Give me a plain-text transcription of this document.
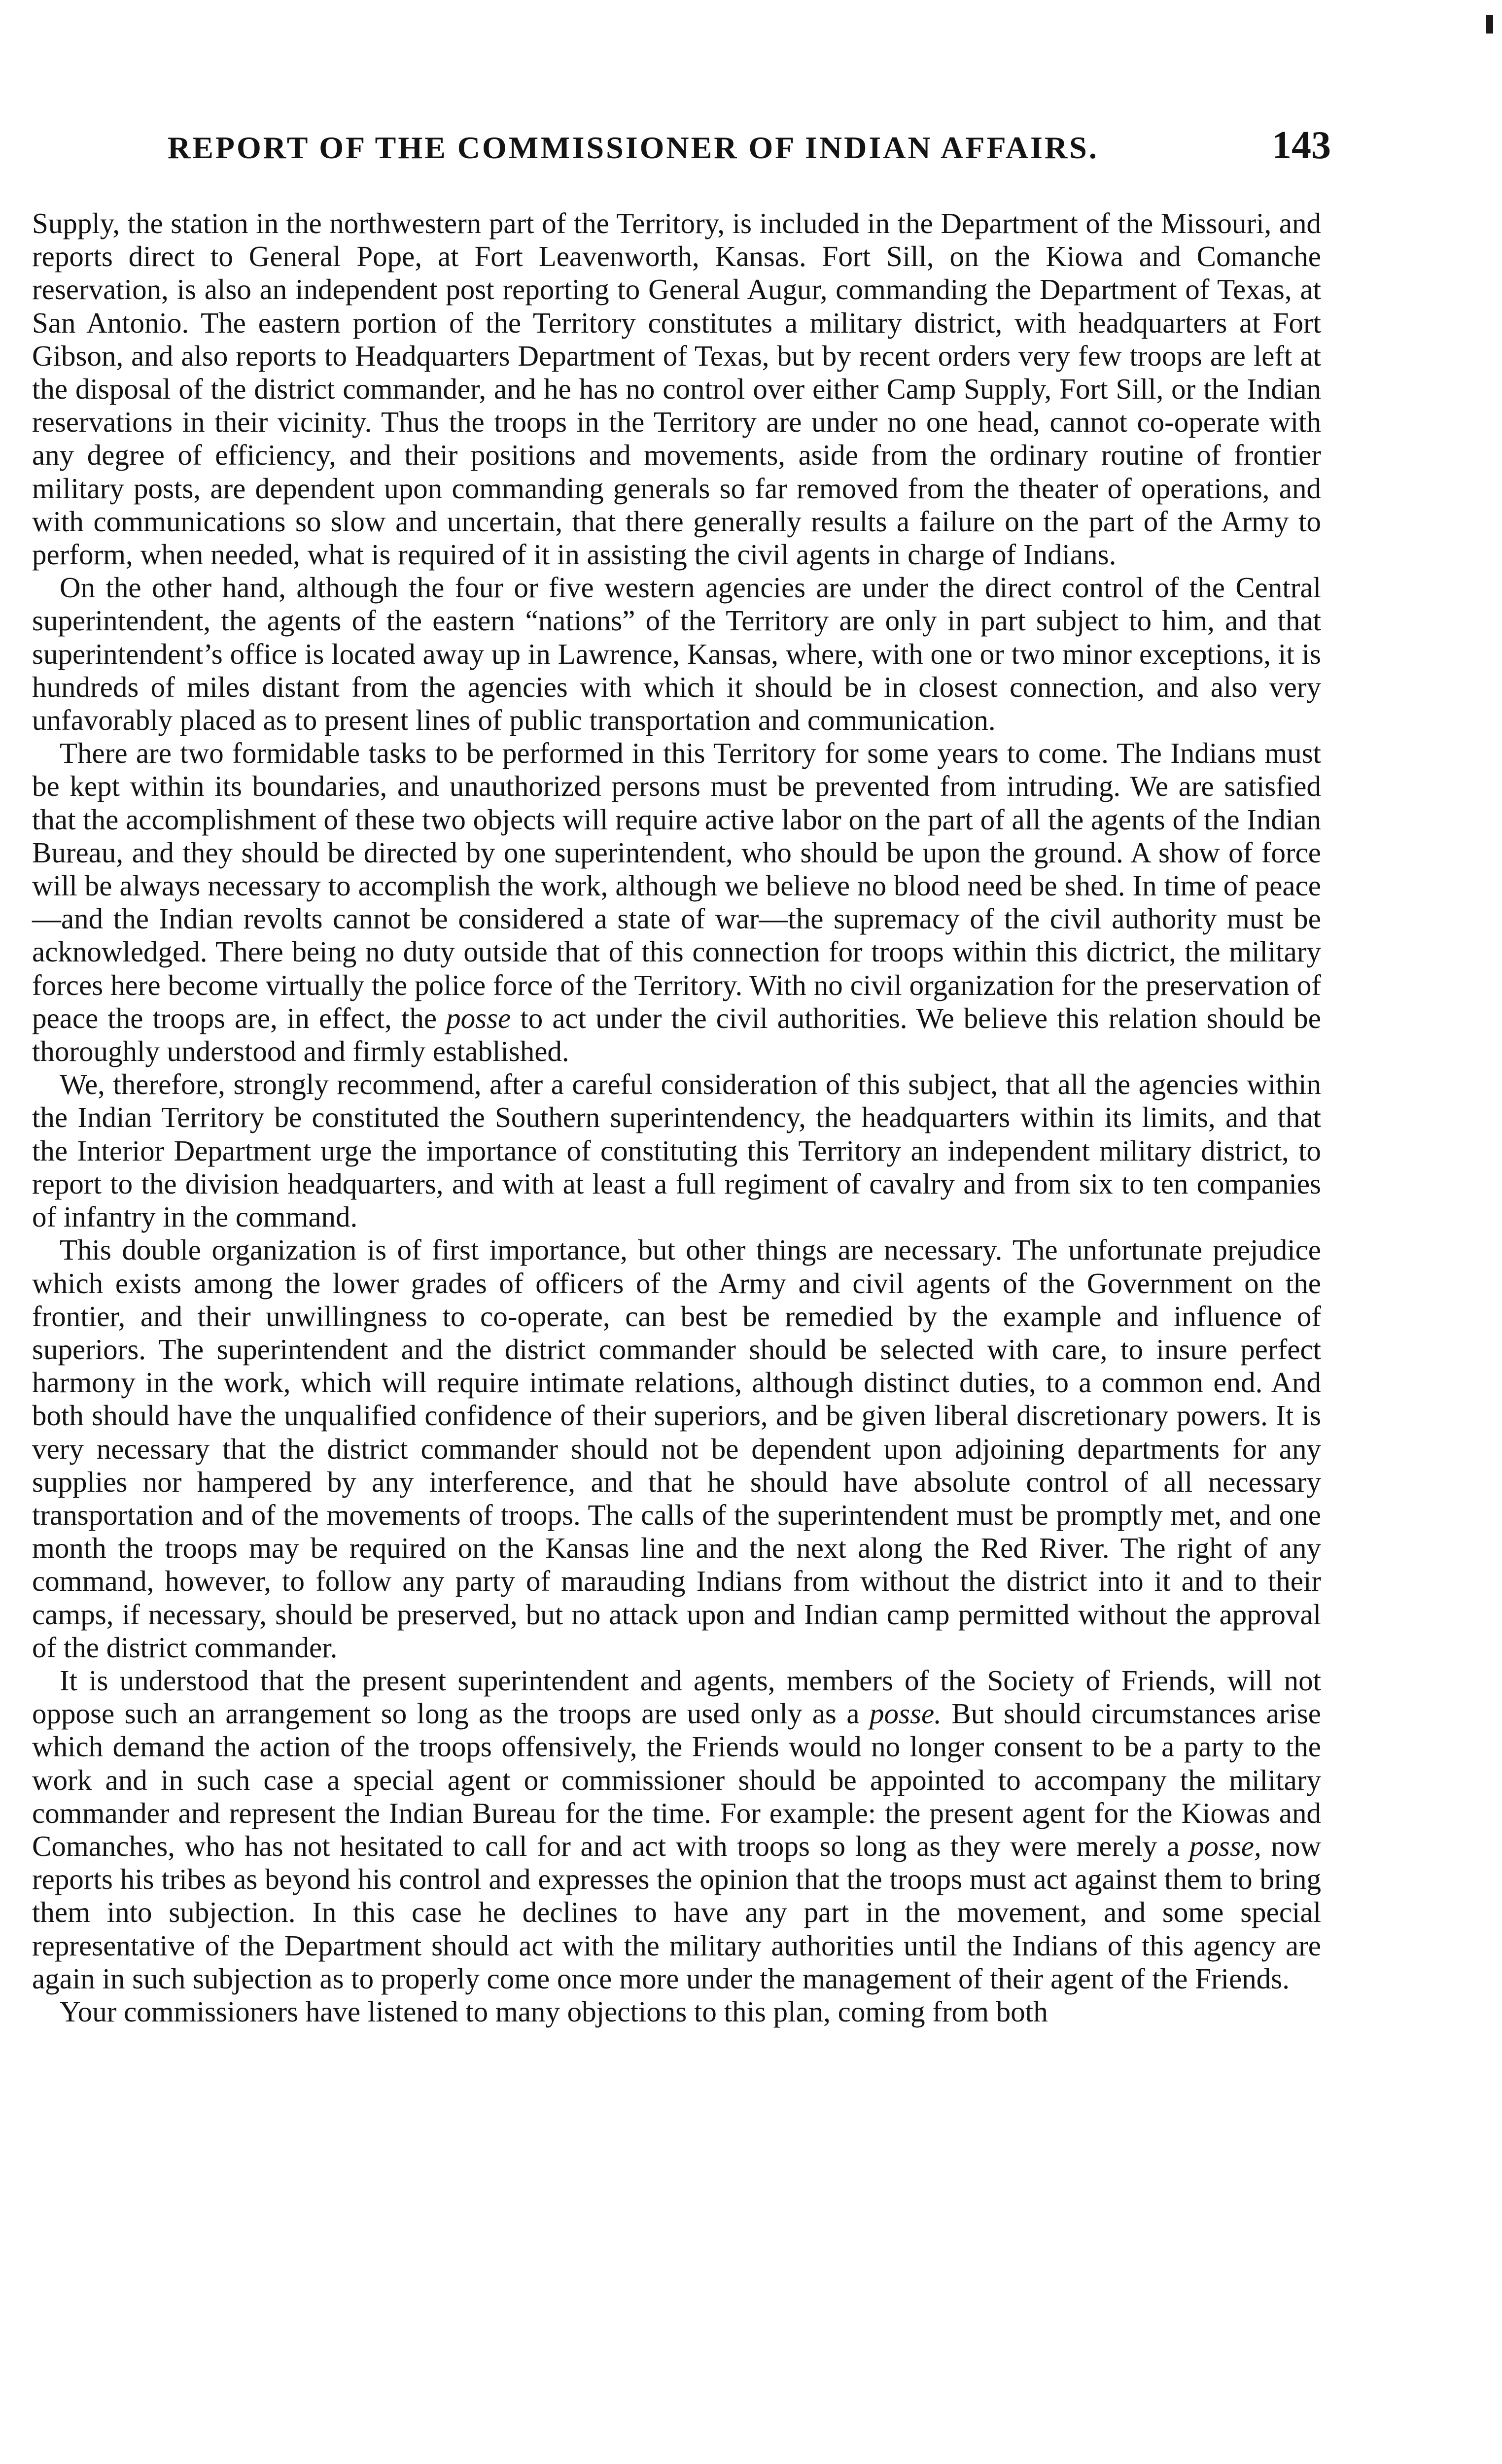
REPORT OF THE COMMISSIONER OF INDIAN AFFAIRS.	143

Supply, the station in the northwestern part of the Territory, is included in the Department of the Missouri, and reports direct to General Pope, at Fort Leavenworth, Kansas. Fort Sill, on the Kiowa and Comanche reservation, is also an independent post reporting to General Augur, commanding the Department of Texas, at San Antonio. The eastern portion of the Territory constitutes a military district, with headquarters at Fort Gibson, and also reports to Headquarters Department of Texas, but by recent orders very few troops are left at the disposal of the district commander, and he has no control over either Camp Supply, Fort Sill, or the Indian reservations in their vicinity. Thus the troops in the Territory are under no one head, cannot co-operate with any degree of efficiency, and their positions and movements, aside from the ordinary routine of frontier military posts, are dependent upon commanding generals so far removed from the theater of operations, and with communications so slow and uncertain, that there generally results a failure on the part of the Army to perform, when needed, what is required of it in assisting the civil agents in charge of Indians.

On the other hand, although the four or five western agencies are under the direct control of the Central superintendent, the agents of the eastern “nations” of the Territory are only in part subject to him, and that superintendent’s office is located away up in Lawrence, Kansas, where, with one or two minor exceptions, it is hundreds of miles distant from the agencies with which it should be in closest connection, and also very unfavorably placed as to present lines of public transportation and communication.

There are two formidable tasks to be performed in this Territory for some years to come. The Indians must be kept within its boundaries, and unauthorized persons must be prevented from intruding. We are satisfied that the accomplishment of these two objects will require active labor on the part of all the agents of the Indian Bureau, and they should be directed by one superintendent, who should be upon the ground. A show of force will be always necessary to accomplish the work, although we believe no blood need be shed. In time of peace—and the Indian revolts cannot be considered a state of war—the supremacy of the civil authority must be acknowledged. There being no duty outside that of this connection for troops within this dictrict, the military forces here become virtually the police force of the Territory. With no civil organization for the preservation of peace the troops are, in effect, the posse to act under the civil authorities. We believe this relation should be thoroughly understood and firmly established.

We, therefore, strongly recommend, after a careful consideration of this subject, that all the agencies within the Indian Territory be constituted the Southern superintendency, the headquarters within its limits, and that the Interior Department urge the importance of constituting this Territory an independent military district, to report to the division headquarters, and with at least a full regiment of cavalry and from six to ten companies of infantry in the command.

This double organization is of first importance, but other things are necessary. The unfortunate prejudice which exists among the lower grades of officers of the Army and civil agents of the Government on the frontier, and their unwillingness to co-operate, can best be remedied by the example and influence of superiors. The superintendent and the district commander should be selected with care, to insure perfect harmony in the work, which will require intimate relations, although distinct duties, to a common end. And both should have the unqualified confidence of their superiors, and be given liberal discretionary powers. It is very necessary that the district commander should not be dependent upon adjoining departments for any supplies nor hampered by any interference, and that he should have absolute control of all necessary transportation and of the movements of troops. The calls of the superintendent must be promptly met, and one month the troops may be required on the Kansas line and the next along the Red River. The right of any command, however, to follow any party of marauding Indians from without the district into it and to their camps, if necessary, should be preserved, but no attack upon and Indian camp permitted without the approval of the district commander.

It is understood that the present superintendent and agents, members of the Society of Friends, will not oppose such an arrangement so long as the troops are used only as a posse. But should circumstances arise which demand the action of the troops offensively, the Friends would no longer consent to be a party to the work and in such case a special agent or commissioner should be appointed to accompany the military commander and represent the Indian Bureau for the time. For example: the present agent for the Kiowas and Comanches, who has not hesitated to call for and act with troops so long as they were merely a posse, now reports his tribes as beyond his control and expresses the opinion that the troops must act against them to bring them into subjection. In this case he declines to have any part in the movement, and some special representative of the Department should act with the military authorities until the Indians of this agency are again in such subjection as to properly come once more under the management of their agent of the Friends.

Your commissioners have listened to many objections to this plan, coming from both
